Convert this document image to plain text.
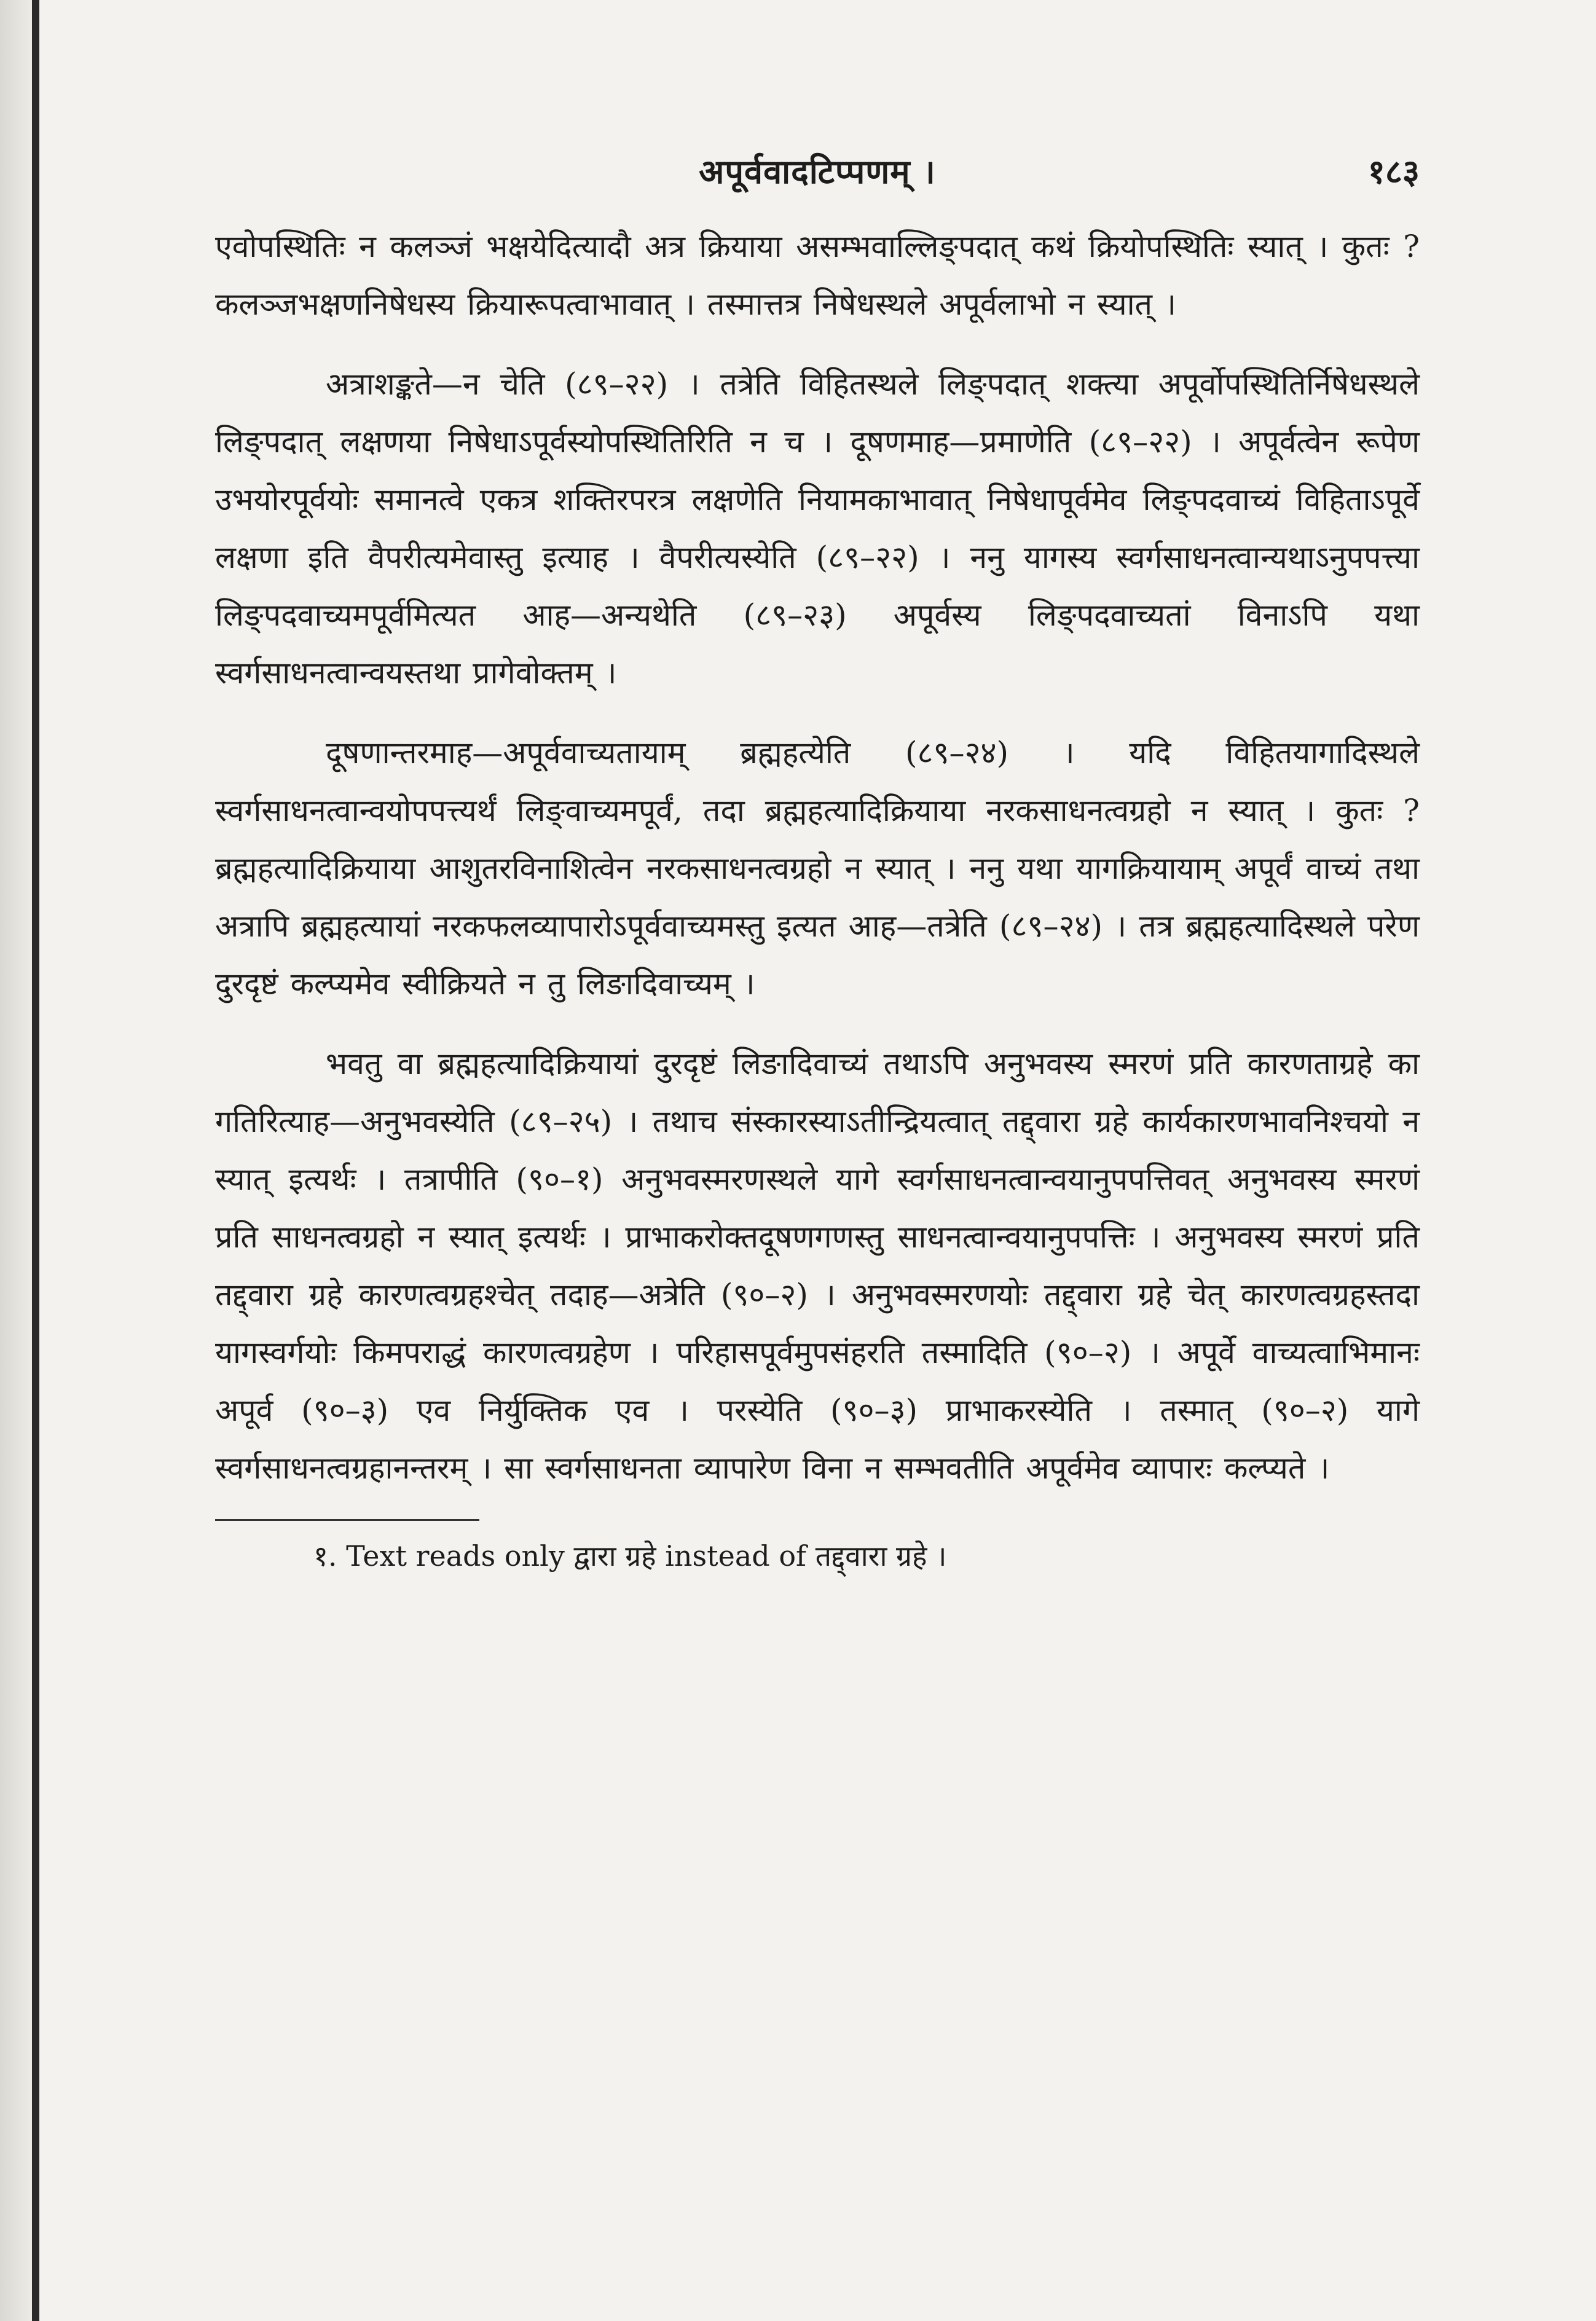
अपूर्ववादटिप्पणम् ।	१८३

एवोपस्थितिः न कलञ्जं भक्षयेदित्यादौ अत्र क्रियाया असम्भवाल्लिङ्पदात् कथं क्रियोपस्थितिः स्यात् । कुतः ? कलञ्जभक्षणनिषेधस्य क्रियारूपत्वाभावात् । तस्मात्तत्र निषेधस्थले अपूर्वलाभो न स्यात् ।

अत्राशङ्कते—न चेति (८९–२२) । तत्रेति विहितस्थले लिङ्पदात् शक्त्या अपूर्वोपस्थितिर्निषेधस्थले लिङ्पदात् लक्षणया निषेधाऽपूर्वस्योपस्थितिरिति न च । दूषणमाह—प्रमाणेति (८९–२२) । अपूर्वत्वेन रूपेण उभयोरपूर्वयोः समानत्वे एकत्र शक्तिरपरत्र लक्षणेति नियामकाभावात् निषेधापूर्वमेव लिङ्पदवाच्यं विहिताऽपूर्वे लक्षणा इति वैपरीत्यमेवास्तु इत्याह । वैपरीत्यस्येति (८९–२२) । ननु यागस्य स्वर्गसाधनत्वान्यथाऽनुपपत्त्या लिङ्पदवाच्यमपूर्वमित्यत आह—अन्यथेति (८९–२३) अपूर्वस्य लिङ्पदवाच्यतां विनाऽपि यथा स्वर्गसाधनत्वान्वयस्तथा प्रागेवोक्तम् ।

दूषणान्तरमाह—अपूर्ववाच्यतायाम् ब्रह्महत्येति (८९–२४) । यदि विहितयागादिस्थले स्वर्गसाधनत्वान्वयोपपत्त्यर्थं लिङ्वाच्यमपूर्वं, तदा ब्रह्महत्यादिक्रियाया नरकसाधनत्वग्रहो न स्यात् । कुतः ? ब्रह्महत्यादिक्रियाया आशुतरविनाशित्वेन नरकसाधनत्वग्रहो न स्यात् । ननु यथा यागक्रियायाम् अपूर्वं वाच्यं तथा अत्रापि ब्रह्महत्यायां नरकफलव्यापारोऽपूर्ववाच्यमस्तु इत्यत आह—तत्रेति (८९–२४) । तत्र ब्रह्महत्यादिस्थले परेण दुरदृष्टं कल्प्यमेव स्वीक्रियते न तु लिङादिवाच्यम् ।

भवतु वा ब्रह्महत्यादिक्रियायां दुरदृष्टं लिङादिवाच्यं तथाऽपि अनुभवस्य स्मरणं प्रति कारणताग्रहे का गतिरित्याह—अनुभवस्येति (८९–२५) । तथाच संस्कारस्याऽतीन्द्रियत्वात् तद्द्वारा ग्रहे कार्यकारणभावनिश्चयो न स्यात् इत्यर्थः । तत्रापीति (९०–१) अनुभवस्मरणस्थले यागे स्वर्गसाधनत्वान्वयानुपपत्तिवत् अनुभवस्य स्मरणं प्रति साधनत्वग्रहो न स्यात् इत्यर्थः । प्राभाकरोक्तदूषणगणस्तु साधनत्वान्वयानुपपत्तिः । अनुभवस्य स्मरणं प्रति तद्द्वारा ग्रहे कारणत्वग्रहश्चेत् तदाह—अत्रेति (९०–२) । अनुभवस्मरणयोः तद्द्वारा ग्रहे चेत् कारणत्वग्रहस्तदा यागस्वर्गयोः किमपराद्धं कारणत्वग्रहेण । परिहासपूर्वमुपसंहरति तस्मादिति (९०–२) । अपूर्वे वाच्यत्वाभिमानः अपूर्व (९०–३) एव निर्युक्तिक एव । परस्येति (९०–३) प्राभाकरस्येति । तस्मात् (९०–२) यागे स्वर्गसाधनत्वग्रहानन्तरम् । सा स्वर्गसाधनता व्यापारेण विना न सम्भवतीति अपूर्वमेव व्यापारः कल्प्यते ।

१. Text reads only द्वारा ग्रहे instead of तद्द्वारा ग्रहे ।
